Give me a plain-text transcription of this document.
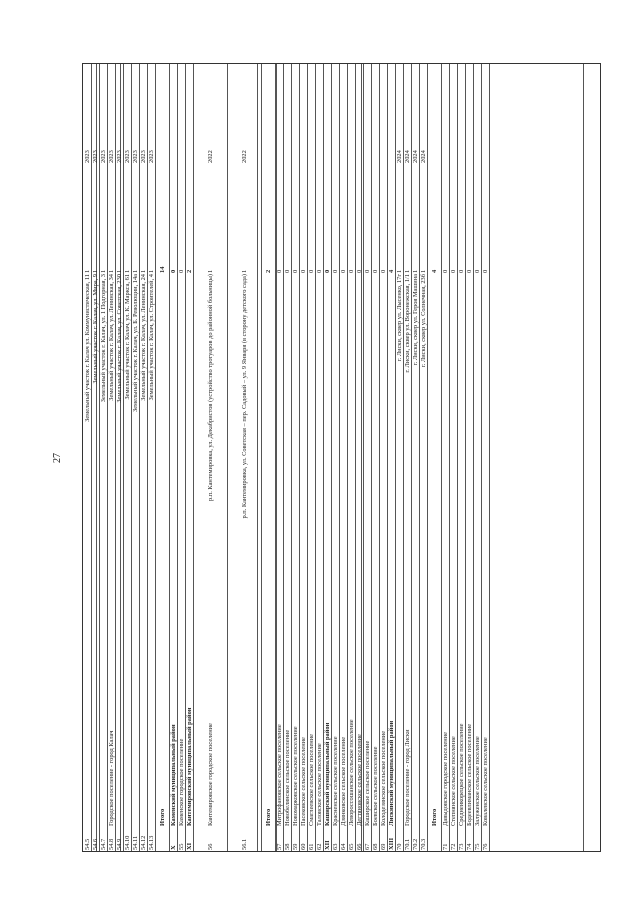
27
54.5
Земельный участок г. Калач ул. Коммунистическая, 11
1
2023
54.6
Земельный участок г. Калач, ул. Мира, 9
1
2023
54.7
Земельный участок г. Калач, ул. 1 Подгорная, 3
1
2023
54.8
Городское поселение - город Калач
Земельный участок г. Калач, ул. Ленинская, 34
1
2023
54.9
Земельный участок г. Калач, ул. Советская, 230
1
2023
54.10
Земельный участок г. Калач, ул. К. Маркса, 61
1
2023
54.11
Земельный участок г. Калач, ул. Б. Революции, 14а
1
2023
54.12
Земельный участок г. Калач, ул. Ленинская, 24
1
2023
54.13
Земельный участок г. Калач, ул. Строителей, 4
1
2023
Итого
14
X
Каменский муниципальный район
0
55
Каменское городское поселение
0
XI
Кантемировский муниципальный район
2
56
Кантемировское городское поселение
р.п. Кантемировка, ул. Декабристов (устройство тротуаров до районной больницы)
1
2022
56.1
р.п. Кантемировка, ул. Советская – пер. Садовый – ул. 9 Января (в сторону детского сада)
1
2022
Итого
2
57
Митрофановское сельское поселение
0
58
Новобелянское сельское поселение
0
59
Новомарковское сельское поселение
0
60
Пасековское сельское поселение
0
61
Смаглеевское сельское поселение
0
62
Таловское сельское поселение
0
XII
Каширский муниципальный район
0
63
Красненское сельское поселение
0
64
Дзянковское сельское поселение
0
65
Левороссошанское сельское поселение
0
66
Дегтяновское сельское поселение
0
67
Каширское сельское поселение
0
68
Боевское сельское поселение
0
69
Колодезянское сельское поселение
0
XIII
Лискинский муниципальный район
4
70
г. Лиски, сквер ул. Лысенко, 17г
1
2024
70.1
Городское поселение - город Лиски
г. Лиски, сквер ул. Воронежская, 1/1
1
2024
70.2
г. Лиски, сквер ул. Героя Машина
1
2024
70.3
г. Лиски, сквер ул. Солнечная, 23б
1
2024
Итого
4
71
Давыдовское городское поселение
0
72
Степнянское сельское поселение
0
73
Среднеикорецкое сельское поселение
0
74
Бодеевлиманское сельское поселение
0
75
Залуженское сельское поселение
0
76
Ковалевское сельское поселение
0
